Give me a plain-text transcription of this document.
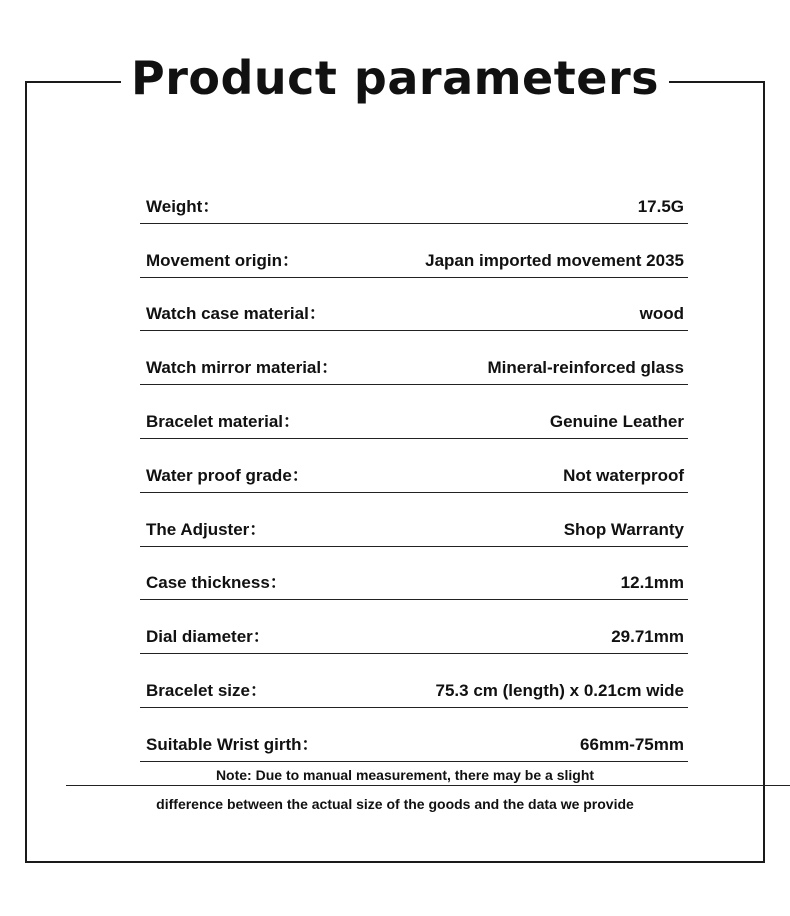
Product parameters
Weight：	17.5G
Movement origin：	Japan imported movement 2035
Watch case material：	wood
Watch mirror material：	Mineral-reinforced glass
Bracelet material：	Genuine Leather
Water proof grade：	Not waterproof
The Adjuster：	Shop Warranty
Case thickness：	12.1mm
Dial diameter：	29.71mm
Bracelet size：	75.3 cm (length) x 0.21cm wide
Suitable Wrist girth：	66mm-75mm
Note: Due to manual measurement, there may be a slight
difference between the actual size of the goods and the data we provide
